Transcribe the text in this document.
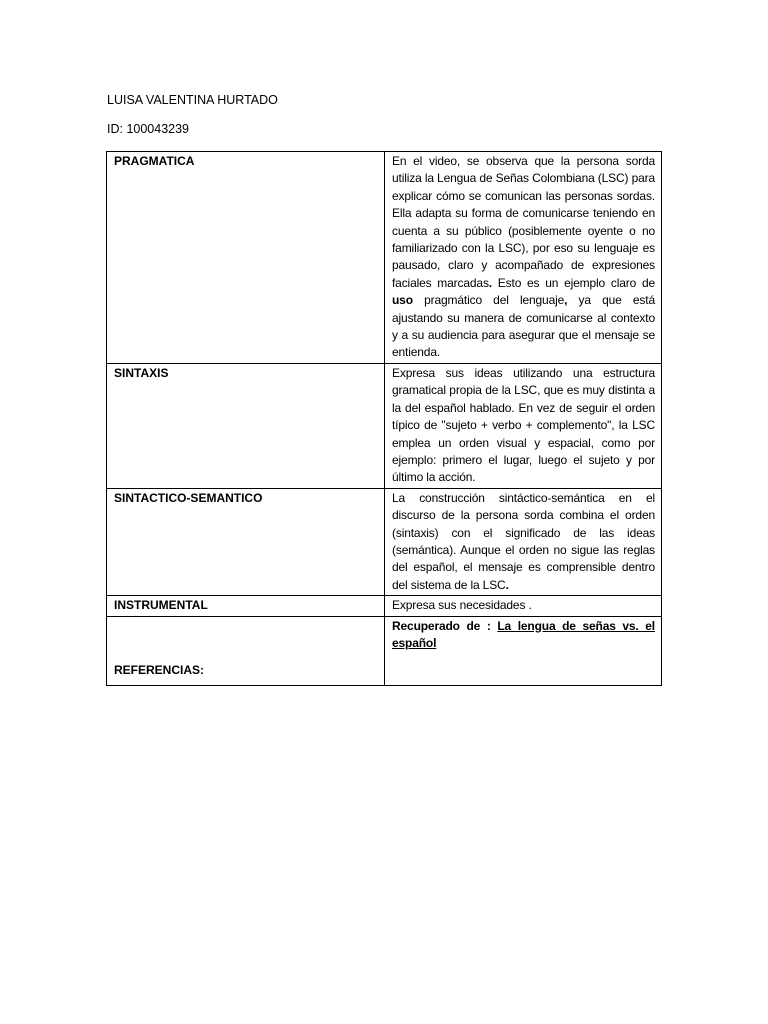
LUISA VALENTINA HURTADO
ID: 100043239
PRAGMATICA	En el video, se observa que la persona sorda utiliza la Lengua de Señas Colombiana (LSC) para explicar cómo se comunican las personas sordas. Ella adapta su forma de comunicarse teniendo en cuenta a su público (posiblemente oyente o no familiarizado con la LSC), por eso su lenguaje es pausado, claro y acompañado de expresiones faciales marcadas. Esto es un ejemplo claro de uso pragmático del lenguaje, ya que está ajustando su manera de comunicarse al contexto y a su audiencia para asegurar que el mensaje se entienda.
SINTAXIS	Expresa sus ideas utilizando una estructura gramatical propia de la LSC, que es muy distinta a la del español hablado. En vez de seguir el orden típico de "sujeto + verbo + complemento", la LSC emplea un orden visual y espacial, como por ejemplo: primero el lugar, luego el sujeto y por último la acción.
SINTACTICO-SEMANTICO	La construcción sintáctico-semántica en el discurso de la persona sorda combina el orden (sintaxis) con el significado de las ideas (semántica). Aunque el orden no sigue las reglas del español, el mensaje es comprensible dentro del sistema de la LSC.
INSTRUMENTAL	Expresa sus necesidades .

REFERENCIAS:	Recuperado de : La lengua de señas vs. el español
